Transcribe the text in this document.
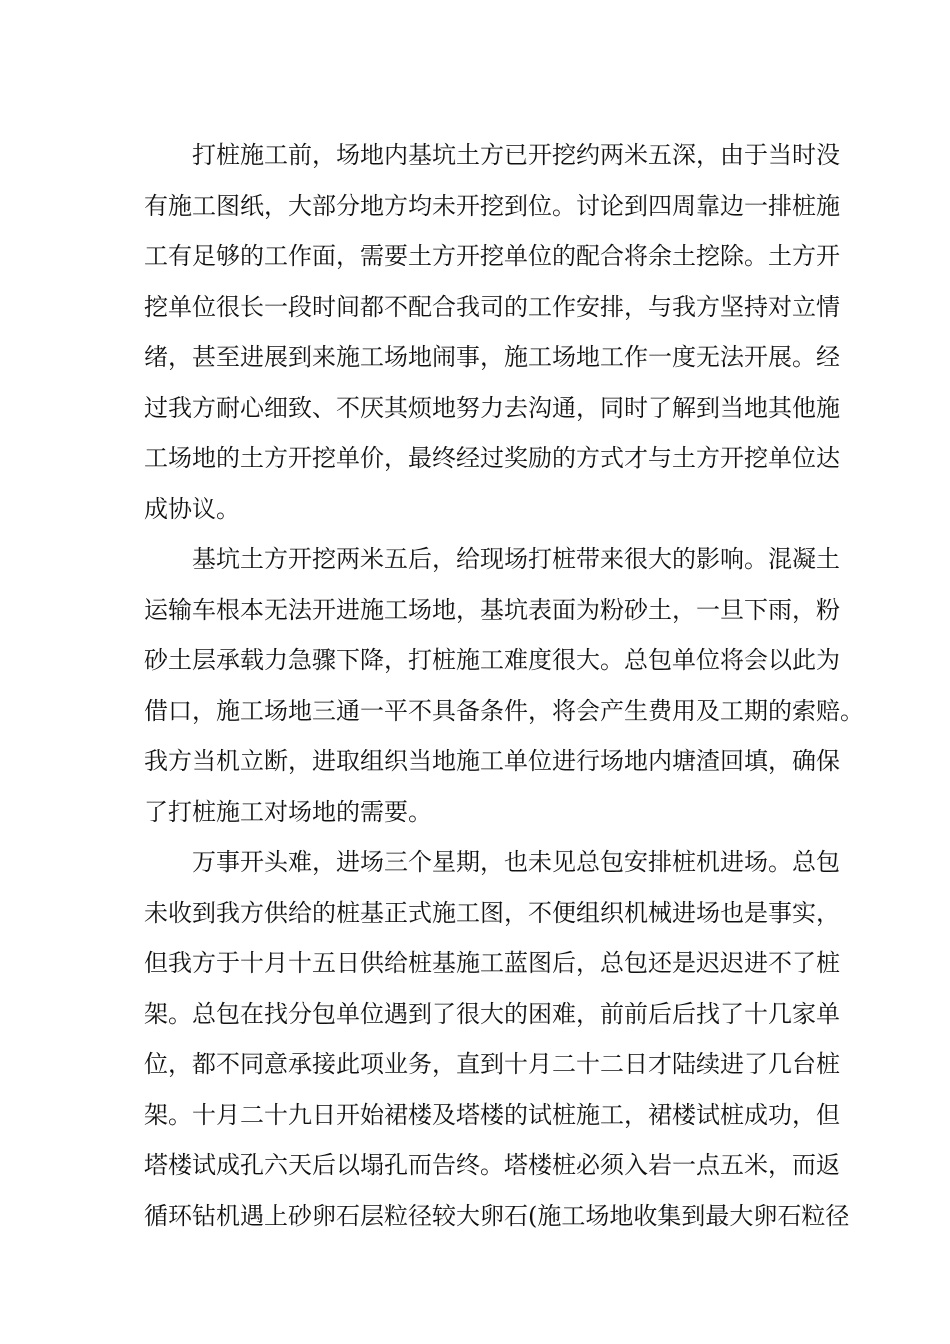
打桩施工前，场地内基坑土方已开挖约两米五深，由于当时没
有施工图纸，大部分地方均未开挖到位。讨论到四周靠边一排桩施
工有足够的工作面，需要土方开挖单位的配合将余土挖除。土方开
挖单位很长一段时间都不配合我司的工作安排，与我方坚持对立情
绪，甚至进展到来施工场地闹事，施工场地工作一度无法开展。经
过我方耐心细致、不厌其烦地努力去沟通，同时了解到当地其他施
工场地的土方开挖单价，最终经过奖励的方式才与土方开挖单位达
成协议。
基坑土方开挖两米五后，给现场打桩带来很大的影响。混凝土
运输车根本无法开进施工场地，基坑表面为粉砂土，一旦下雨，粉
砂土层承载力急骤下降，打桩施工难度很大。总包单位将会以此为
借口，施工场地三通一平不具备条件，将会产生费用及工期的索赔。
我方当机立断，进取组织当地施工单位进行场地内塘渣回填，确保
了打桩施工对场地的需要。
万事开头难，进场三个星期，也未见总包安排桩机进场。总包
未收到我方供给的桩基正式施工图，不便组织机械进场也是事实，
但我方于十月十五日供给桩基施工蓝图后，总包还是迟迟进不了桩
架。总包在找分包单位遇到了很大的困难，前前后后找了十几家单
位，都不同意承接此项业务，直到十月二十二日才陆续进了几台桩
架。十月二十九日开始裙楼及塔楼的试桩施工，裙楼试桩成功，但
塔楼试成孔六天后以塌孔而告终。塔楼桩必须入岩一点五米，而返
循环钻机遇上砂卵石层粒径较大卵石(施工场地收集到最大卵石粒径
